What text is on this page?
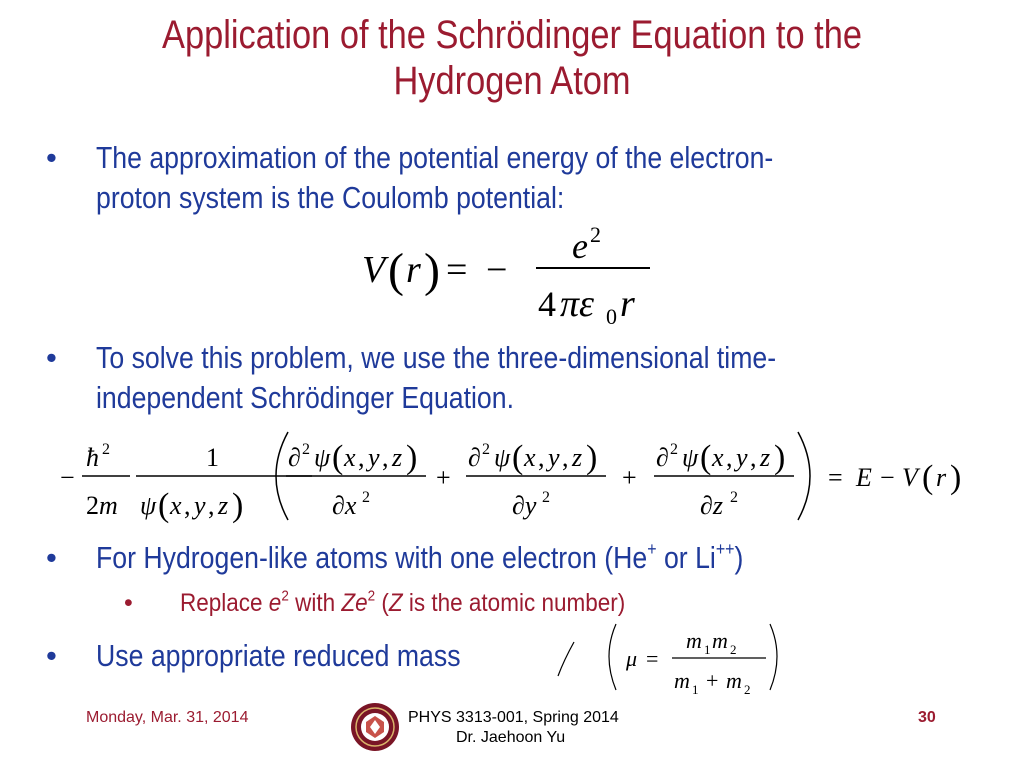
Application of the Schrödinger Equation to the
Hydrogen Atom
• The approximation of the potential energy of the electron-
proton system is the Coulomb potential:
V ( r ) = −
e 2
4 πε 0 r
• To solve this problem, we use the three-dimensional time-
independent Schrödinger Equation.
−
ħ 2
2m
1
ψ ( x , y , z )
∂ 2 ψ ( x , y , z )
∂x 2
+
∂ 2 ψ ( x , y , z )
∂y 2
+
∂ 2 ψ ( x , y , z )
∂z 2
= E − V ( r )
• For Hydrogen-like atoms with one electron (He+ or Li++)
• Replace $e^2$ with Ze$^2$ (Z is the atomic number)
• Use appropriate reduced mass	μ =
m 1 m 2
m 1 + m 2
Monday, Mar. 31, 2014	PHYS 3313-001, Spring 2014
Dr. Jaehoon Yu
30
